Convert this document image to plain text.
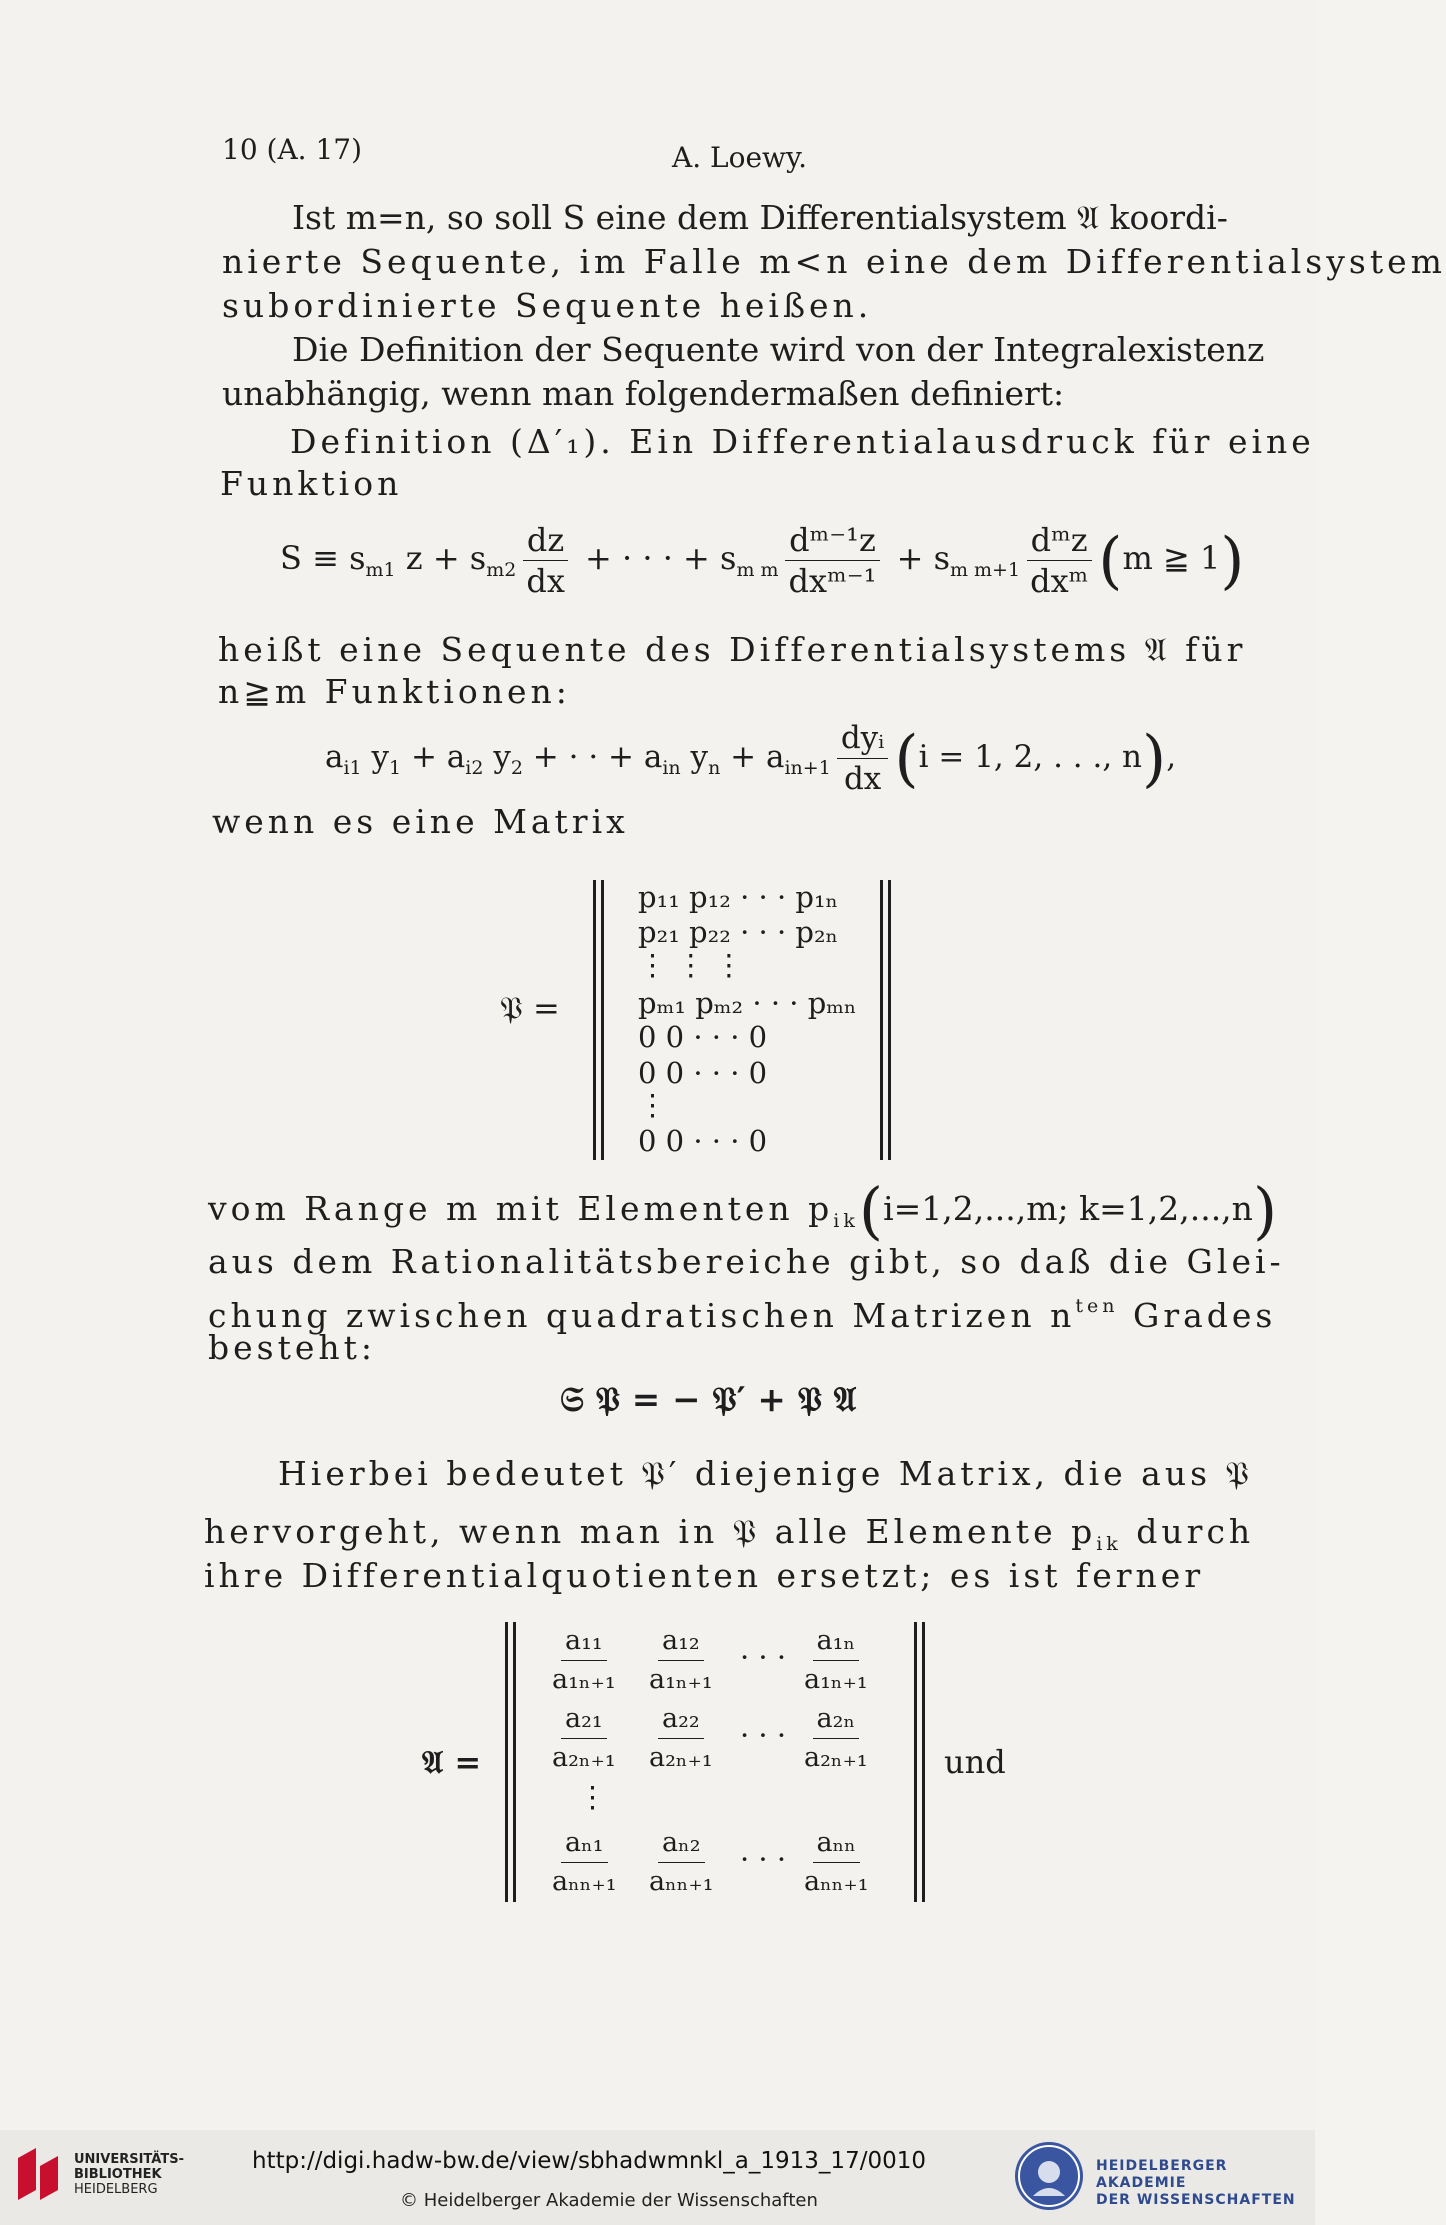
10 (A. 17)	A. Loewy.
Ist m=n, so soll S eine dem Differentialsystem 𝔄 koordi-
nierte Sequente, im Falle m<n eine dem Differentialsystem
subordinierte Sequente heißen.
Die Definition der Sequente wird von der Integralexistenz
unabhängig, wenn man folgendermaßen definiert:
Definition (Δ′₁). Ein Differentialausdruck für eine
Funktion
$S \equiv s_{m1}$ $z + s_{m2} \frac{dz}{dx}$ + · · · + $s_{m m} \frac{\text{dᵐ⁻¹z}}{\text{dxᵐ⁻¹}} + s_{m m+1} \frac{\text{dᵐz}}{\text{dxᵐ}} (m$ ≧ 1)
heißt eine Sequente des Differentialsystems 𝔄 für
n≧m Funktionen:
$a_{i1}$ $y_1 + a_{i2}$ $y_2$ + · · + $a_{in}$ $y_n + a_{in+1} \frac{\text{dyᵢ}}{dx} (i = 1$, 2, . . ., n),
wenn es eine Matrix
𝔓 =
p₁₁ p₁₂ · · · p₁ₙ
p₂₁ p₂₂ · · · p₂ₙ
⋮ ⋮ ⋮
pₘ₁ pₘ₂ · · · pₘₙ
0 0 · · · 0
0 0 · · · 0
⋮
0 0 · · · 0
vom Range m mit Elementen $p_{ik}(i=1,2,...,m$; k=1,2,...,n)
aus dem Rationalitätsbereiche gibt, so daß die Glei-
chung zwischen quadratischen Matrizen $n^{ten}$ Grades
besteht:
𝔖 𝔓 = − 𝔓′ + 𝔓 𝔄
Hierbei bedeutet 𝔓′ diejenige Matrix, die aus 𝔓
hervorgeht, wenn man in 𝔓 alle Elemente $p_{ik}$ durch
ihre Differentialquotienten ersetzt; es ist ferner
𝔄 =
a₁₁
a₁ₙ₊₁
a₁₂
a₁ₙ₊₁
· · · a₁ₙ
a₁ₙ₊₁
a₂₁
a₂ₙ₊₁
a₂₂
a₂ₙ₊₁
· · · a₂ₙ
a₂ₙ₊₁
⋮
aₙ₁
aₙₙ₊₁
aₙ₂
aₙₙ₊₁
· · · aₙₙ
aₙₙ₊₁
und
UNIVERSITÄTS-
BIBLIOTHEK
HEIDELBERG
http://digi.hadw-bw.de/view/sbhadwmnkl_a_1913_17/0010
© Heidelberger Akademie der Wissenschaften
HEIDELBERGER AKADEMIE
DER WISSENSCHAFTEN
